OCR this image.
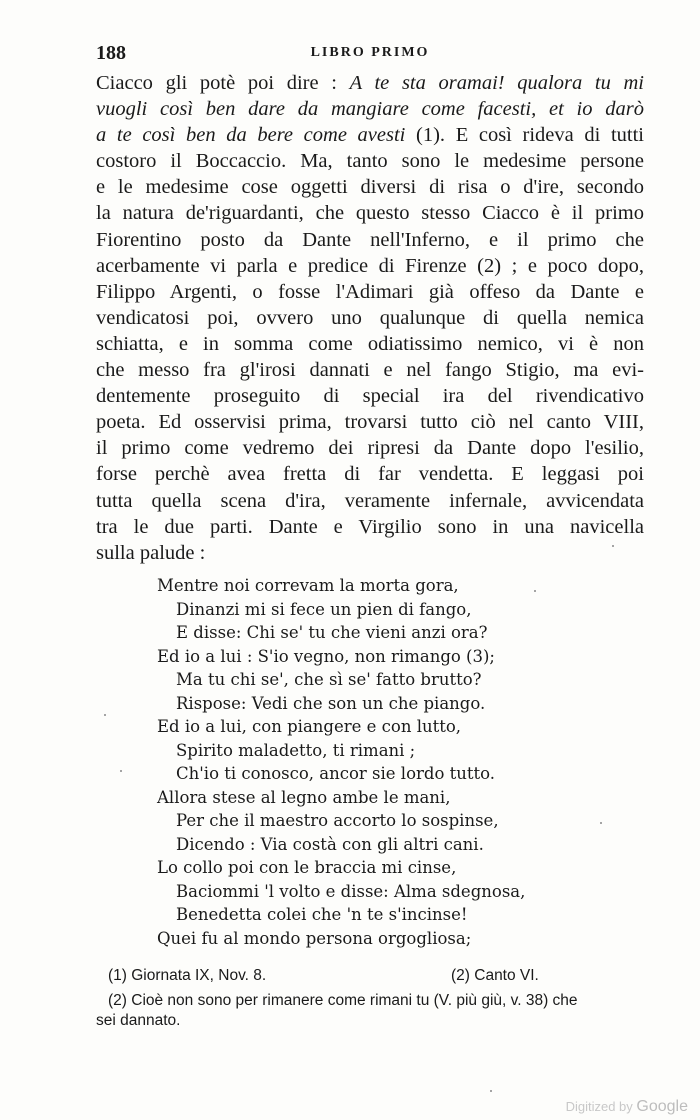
188	LIBRO PRIMO
Ciacco gli potè poi dire : A te sta oramai! qualora tu mi
vuogli così ben dare da mangiare come facesti, et io darò
a te così ben da bere come avesti (1). E così rideva di tutti
costoro il Boccaccio. Ma, tanto sono le medesime persone
e le medesime cose oggetti diversi di risa o d'ire, secondo
la natura de'riguardanti, che questo stesso Ciacco è il primo
Fiorentino posto da Dante nell'Inferno, e il primo che
acerbamente vi parla e predice di Firenze (2) ; e poco dopo,
Filippo Argenti, o fosse l'Adimari già offeso da Dante e
vendicatosi poi, ovvero uno qualunque di quella nemica
schiatta, e in somma come odiatissimo nemico, vi è non
che messo fra gl'irosi dannati e nel fango Stigio, ma evi-
dentemente proseguito di special ira del rivendicativo
poeta. Ed osservisi prima, trovarsi tutto ciò nel canto VIII,
il primo come vedremo dei ripresi da Dante dopo l'esilio,
forse perchè avea fretta di far vendetta. E leggasi poi
tutta quella scena d'ira, veramente infernale, avvicendata
tra le due parti. Dante e Virgilio sono in una navicella
sulla palude :
Mentre noi correvam la morta gora,
Dinanzi mi si fece un pien di fango,
E disse: Chi se' tu che vieni anzi ora?
Ed io a lui : S'io vegno, non rimango (3);
Ma tu chi se', che sì se' fatto brutto?
Rispose: Vedi che son un che piango.
Ed io a lui, con piangere e con lutto,
Spirito maladetto, ti rimani ;
Ch'io ti conosco, ancor sie lordo tutto.
Allora stese al legno ambe le mani,
Per che il maestro accorto lo sospinse,
Dicendo : Via costà con gli altri cani.
Lo collo poi con le braccia mi cinse,
Baciommi 'l volto e disse: Alma sdegnosa,
Benedetta colei che 'n te s'incinse!
Quei fu al mondo persona orgogliosa;
(1) Giornata IX, Nov. 8.	(2) Canto VI.
(2) Cioè non sono per rimanere come rimani tu (V. più giù, v. 38) che
sei dannato.
Digitized by Google
